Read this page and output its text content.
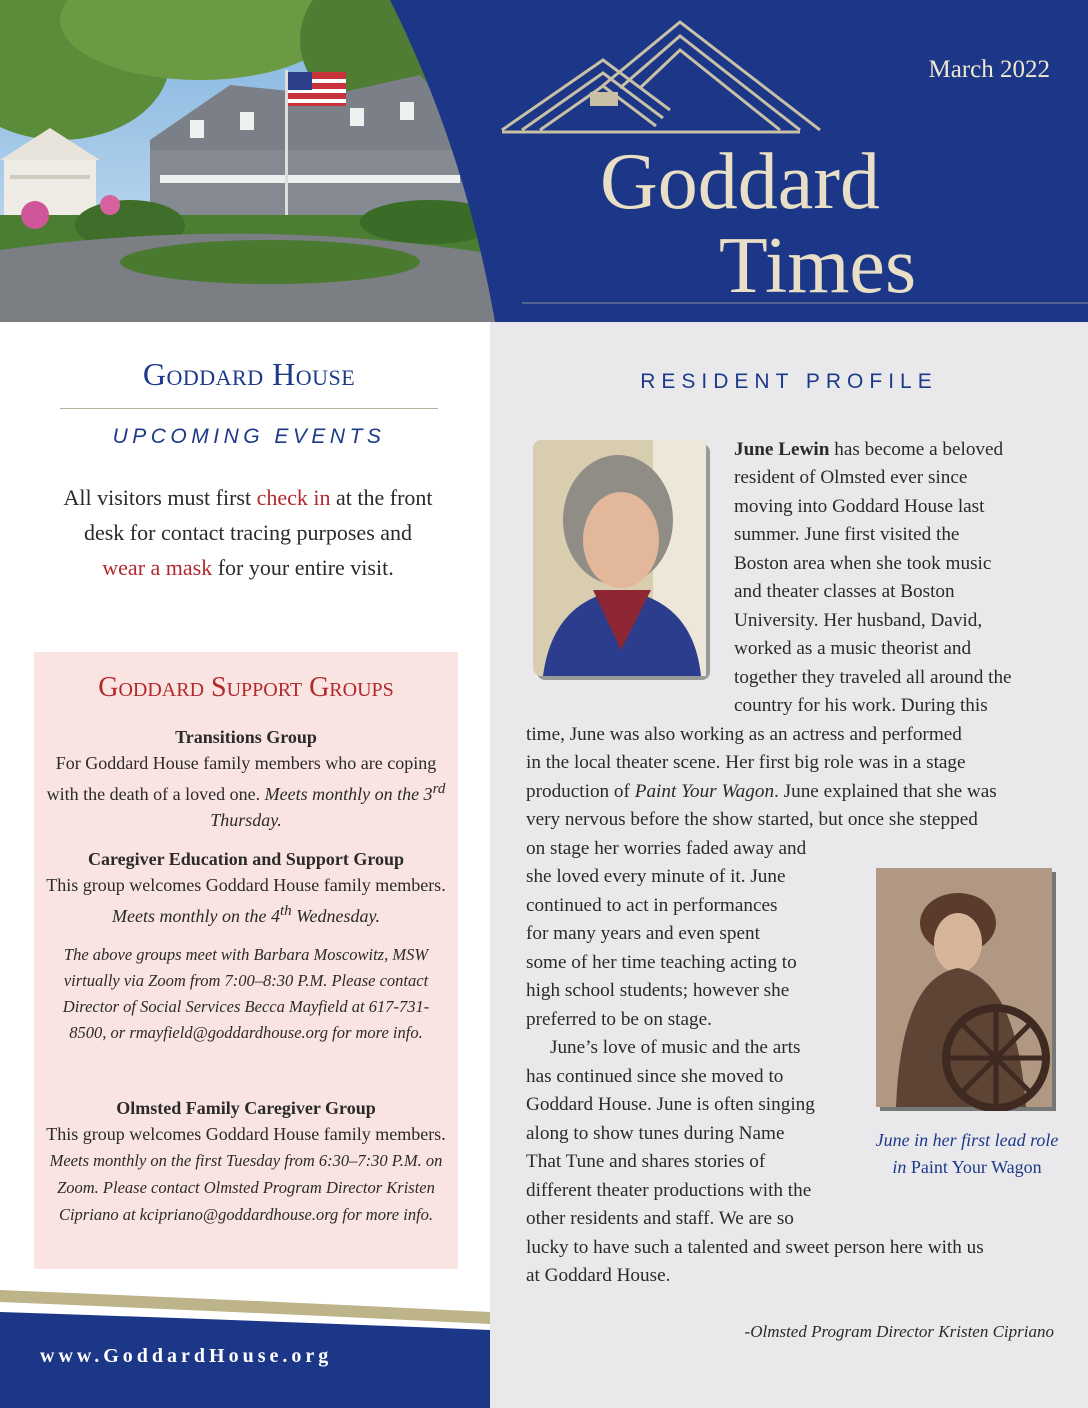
March 2022
Goddard
Times
Goddard House
UPCOMING EVENTS
All visitors must first check in at the front desk for contact tracing purposes and wear a mask for your entire visit.
Goddard Support Groups
Transitions Group
For Goddard House family members who are coping with the death of a loved one. Meets monthly on the 3rd Thursday.
Caregiver Education and Support Group
This group welcomes Goddard House family members. Meets monthly on the 4th Wednesday.
The above groups meet with Barbara Moscowitz, MSW virtually via Zoom from 7:00–8:30 P.M. Please contact Director of Social Services Becca Mayfield at 617-731-8500, or rmayfield@goddardhouse.org for more info.
Olmsted Family Caregiver Group
This group welcomes Goddard House family members. Meets monthly on the first Tuesday from 6:30–7:30 P.M. on Zoom. Please contact Olmsted Program Director Kristen Cipriano at kcipriano@goddardhouse.org for more info.
www.GoddardHouse.org
RESIDENT PROFILE
June in her first lead role in Paint Your Wagon
June Lewin has become a beloved
resident of Olmsted ever since
moving into Goddard House last
summer. June first visited the
Boston area when she took music
and theater classes at Boston
University. Her husband, David,
worked as a music theorist and
together they traveled all around the
country for his work. During this
time, June was also working as an actress and performed
in the local theater scene. Her first big role was in a stage
production of Paint Your Wagon. June explained that she was
very nervous before the show started, but once she stepped
on stage her worries faded away and
she loved every minute of it. June
continued to act in performances
for many years and even spent
some of her time teaching acting to
high school students; however she
preferred to be on stage.
June’s love of music and the arts
has continued since she moved to
Goddard House. June is often singing
along to show tunes during Name
That Tune and shares stories of
different theater productions with the
other residents and staff. We are so
lucky to have such a talented and sweet person here with us
at Goddard House.
-Olmsted Program Director Kristen Cipriano
